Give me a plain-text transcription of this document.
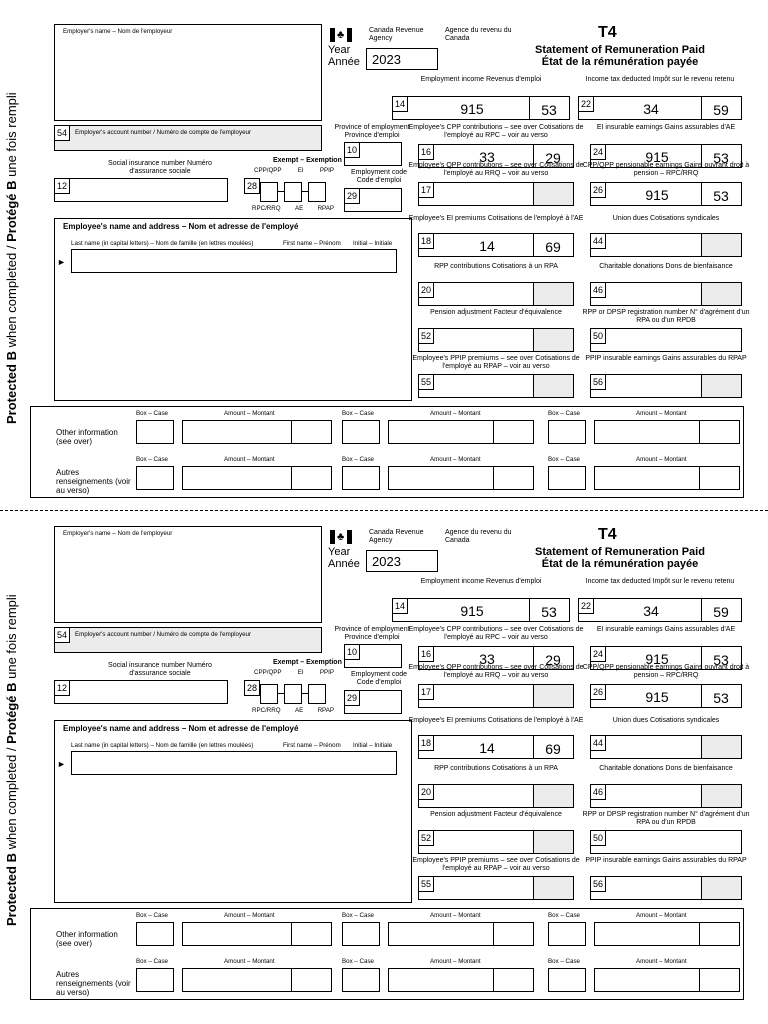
Protected B when completed / Protégé B une fois rempli
Employer's name – Nom de l'employeur	♣	Canada Revenue Agency
Agence du revenu du Canada
Year Année 2023
T4
Statement of Remuneration Paid
État de la rémunération payée
54	Employer's account number / Numéro de compte de l'employeur
Social insurance number Numéro d'assurance sociale
12
Exempt – Exemption
CPP/QPP	EI	PPIP
28
RPC/RRQ AE RPAP
Province of employment Province d'emploi
10
Employment code Code d'emploi
29
Employee's name and address – Nom et adresse de l'employé
Last name (in capital letters) – Nom de famille (en lettres moulées)	First name – Prénom Initial – Initiale
►
Employment income Revenus d'emploi
14	915	53
Income tax deducted Impôt sur le revenu retenu
22	34	59
Employee's CPP contributions – see over Cotisations de l'employé au RPC – voir au verso
16	33	29
EI insurable earnings Gains assurables d'AE
24	915	53
Employee's QPP contributions – see over Cotisations de l'employé au RRQ – voir au verso
17
CPP/QPP pensionable earnings Gains ouvrant droit à pension – RPC/RRQ
26	915	53
Employee's EI premiums Cotisations de l'employé à l'AE
18	14	69
Union dues Cotisations syndicales
44
RPP contributions Cotisations à un RPA
20
Charitable donations Dons de bienfaisance
46
Pension adjustment Facteur d'équivalence
52
RPP or DPSP registration number N° d'agrément d'un RPA ou d'un RPDB
50
Employee's PPIP premiums – see over Cotisations de l'employé au RPAP – voir au verso
55
PPIP insurable earnings Gains assurables du RPAP
56
Other information (see over)
Box – Case	Amount – Montant	Box – Case	Amount – Montant	Box – Case	Amount – Montant
Autres renseignements (voir au verso)
Box – Case	Amount – Montant	Box – Case	Amount – Montant	Box – Case	Amount – Montant
Protected B when completed / Protégé B une fois rempli
Employer's name – Nom de l'employeur	♣	Canada Revenue Agency
Agence du revenu du Canada
Year Année 2023
T4
Statement of Remuneration Paid
État de la rémunération payée
54	Employer's account number / Numéro de compte de l'employeur
Social insurance number Numéro d'assurance sociale
12
Exempt – Exemption
CPP/QPP	EI	PPIP
28
RPC/RRQ AE RPAP
Province of employment Province d'emploi
10
Employment code Code d'emploi
29
Employee's name and address – Nom et adresse de l'employé
Last name (in capital letters) – Nom de famille (en lettres moulées)	First name – Prénom Initial – Initiale
►
Employment income Revenus d'emploi
14	915	53
Income tax deducted Impôt sur le revenu retenu
22	34	59
Employee's CPP contributions – see over Cotisations de l'employé au RPC – voir au verso
16	33	29
EI insurable earnings Gains assurables d'AE
24	915	53
Employee's QPP contributions – see over Cotisations de l'employé au RRQ – voir au verso
17
CPP/QPP pensionable earnings Gains ouvrant droit à pension – RPC/RRQ
26	915	53
Employee's EI premiums Cotisations de l'employé à l'AE
18	14	69
Union dues Cotisations syndicales
44
RPP contributions Cotisations à un RPA
20
Charitable donations Dons de bienfaisance
46
Pension adjustment Facteur d'équivalence
52
RPP or DPSP registration number N° d'agrément d'un RPA ou d'un RPDB
50
Employee's PPIP premiums – see over Cotisations de l'employé au RPAP – voir au verso
55
PPIP insurable earnings Gains assurables du RPAP
56
Other information (see over)
Box – Case	Amount – Montant	Box – Case	Amount – Montant	Box – Case	Amount – Montant
Autres renseignements (voir au verso)
Box – Case	Amount – Montant	Box – Case	Amount – Montant	Box – Case	Amount – Montant
